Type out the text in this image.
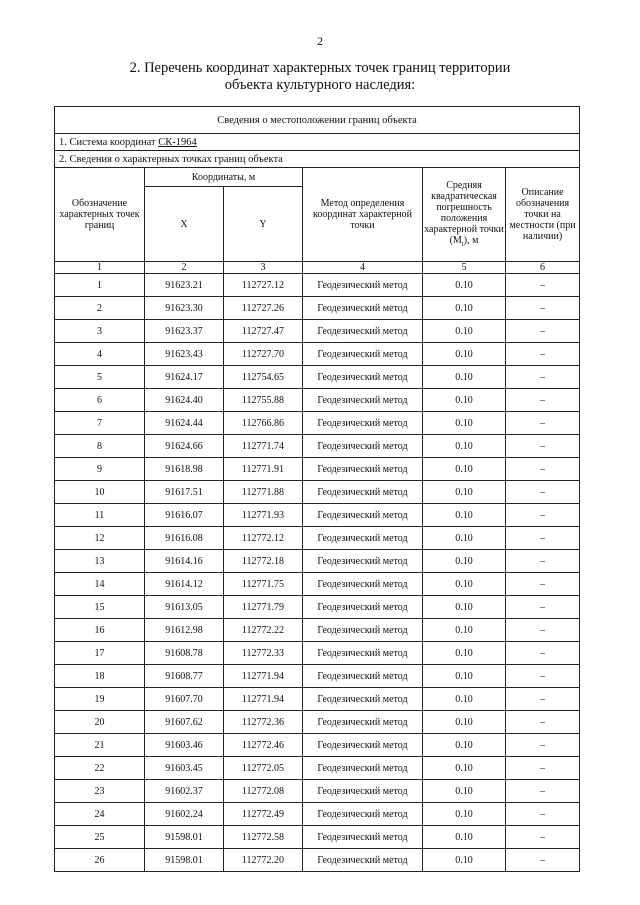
2
2. Перечень координат характерных точек границ территории
объекта культурного наследия:
Сведения о местоположении границ объекта					
1. Система координат СК-1964					
2. Сведения о характерных точках границ объекта					
Обозначение характерных точек границ	Координаты, м		Метод определения координат характерной точки	Средняя квадратическая погрешность положения характерной точки $(M_t)$, м	Описание обозначения точки на местности (при наличии)
	X	Y			
1	2	3	4	5	6
1	91623.21	112727.12	Геодезический метод	0.10	–
2	91623.30	112727.26	Геодезический метод	0.10	–
3	91623.37	112727.47	Геодезический метод	0.10	–
4	91623.43	112727.70	Геодезический метод	0.10	–
5	91624.17	112754.65	Геодезический метод	0.10	–
6	91624.40	112755.88	Геодезический метод	0.10	–
7	91624.44	112766.86	Геодезический метод	0.10	–
8	91624.66	112771.74	Геодезический метод	0.10	–
9	91618.98	112771.91	Геодезический метод	0.10	–
10	91617.51	112771.88	Геодезический метод	0.10	–
11	91616.07	112771.93	Геодезический метод	0.10	–
12	91616.08	112772.12	Геодезический метод	0.10	–
13	91614.16	112772.18	Геодезический метод	0.10	–
14	91614.12	112771.75	Геодезический метод	0.10	–
15	91613.05	112771.79	Геодезический метод	0.10	–
16	91612.98	112772.22	Геодезический метод	0.10	–
17	91608.78	112772.33	Геодезический метод	0.10	–
18	91608.77	112771.94	Геодезический метод	0.10	–
19	91607.70	112771.94	Геодезический метод	0.10	–
20	91607.62	112772.36	Геодезический метод	0.10	–
21	91603.46	112772.46	Геодезический метод	0.10	–
22	91603.45	112772.05	Геодезический метод	0.10	–
23	91602.37	112772.08	Геодезический метод	0.10	–
24	91602.24	112772.49	Геодезический метод	0.10	–
25	91598.01	112772.58	Геодезический метод	0.10	–
26	91598.01	112772.20	Геодезический метод	0.10	–
